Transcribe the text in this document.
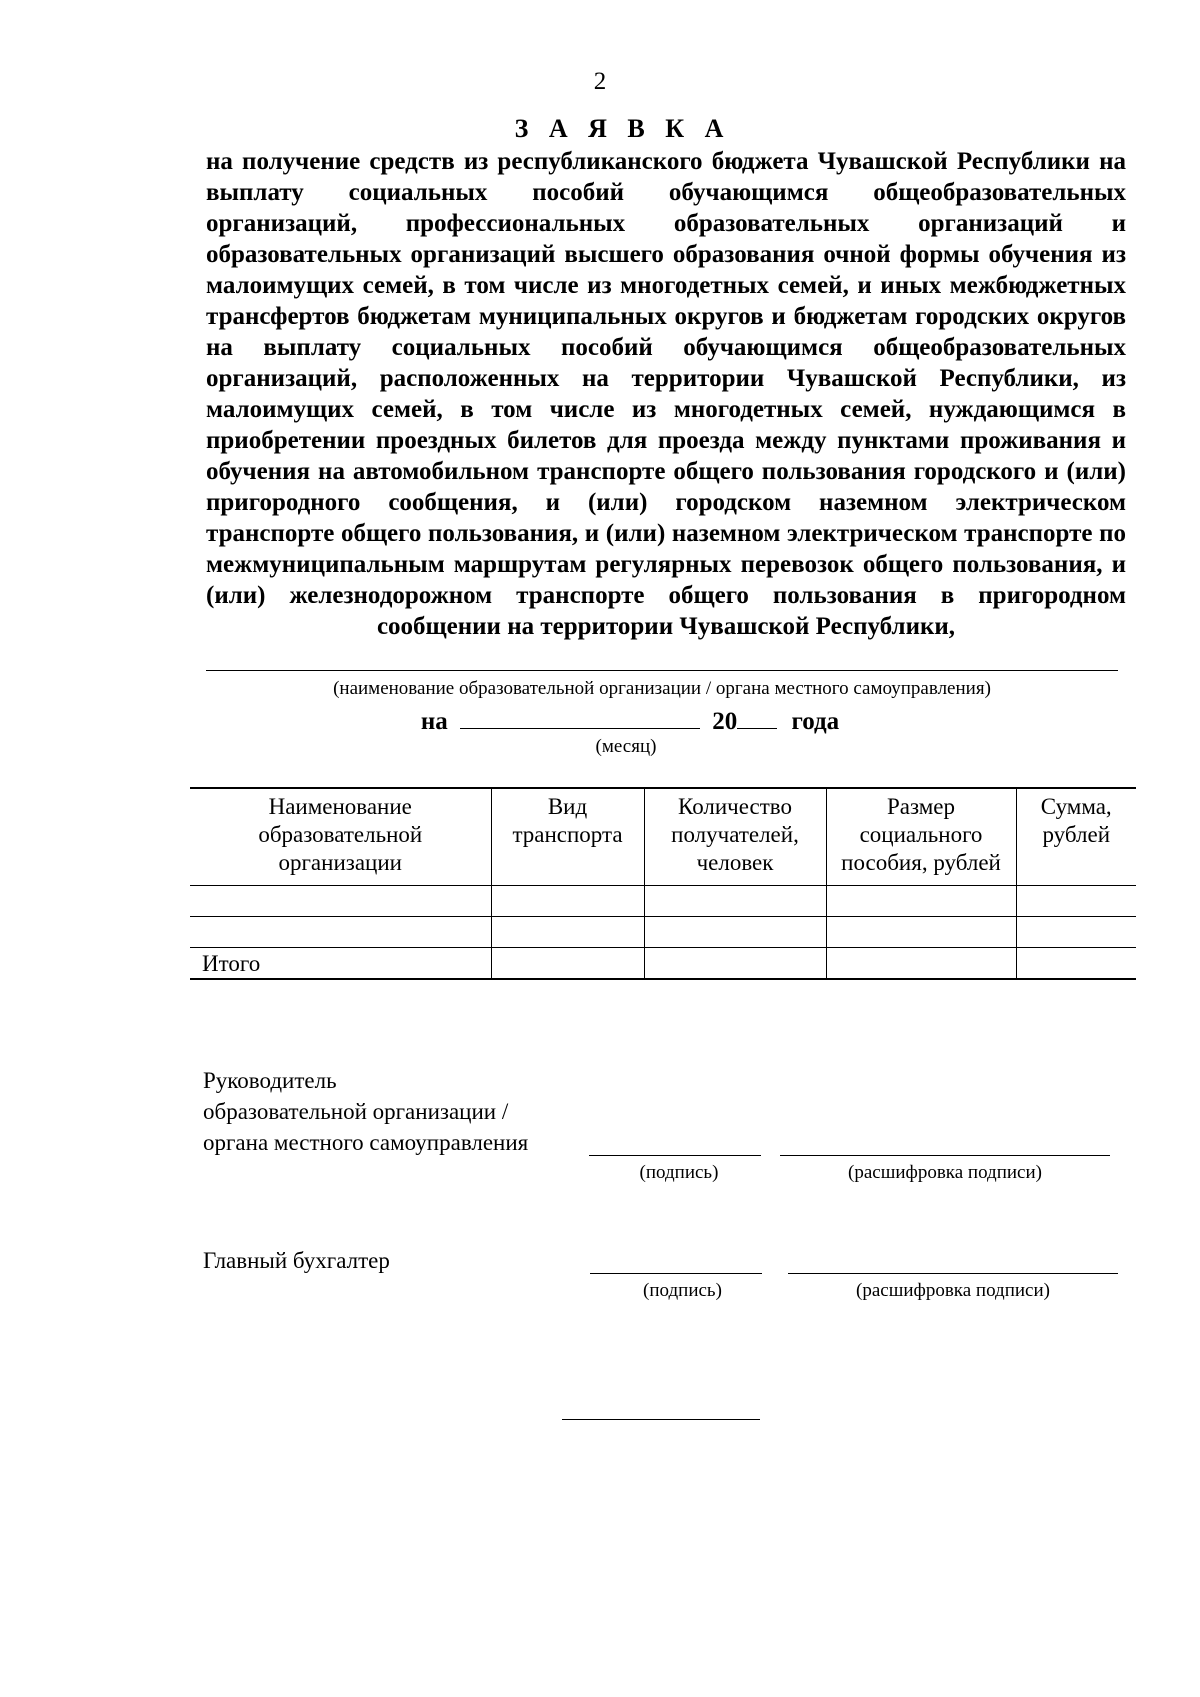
2
З А Я В К А

на получение средств из республиканского бюджета Чувашской Республики на выплату социальных пособий обучающимся общеобразовательных организаций, профессиональных образовательных организаций и образовательных организаций высшего образования очной формы обучения из малоимущих семей, в том числе из многодетных семей, и иных межбюджетных трансфертов бюджетам муниципальных округов и бюджетам городских округов на выплату социальных пособий обучающимся общеобразовательных организаций, расположенных на территории Чувашской Республики, из малоимущих семей, в том числе из многодетных семей, нуждающимся в приобретении проездных билетов для проезда между пунктами проживания и обучения на автомобильном транспорте общего пользования городского и (или) пригородного сообщения, и (или) городском наземном электрическом транспорте общего пользования, и (или) наземном электрическом транспорте по межмуниципальным маршрутам регулярных перевозок общего пользования, и (или) железнодорожном транспорте общего пользования в пригородном сообщении на территории Чувашской Республики,

(наименование образовательной организации / органа местного самоуправления)
на	20 года
(месяц)
Наименование образовательной организации	Вид транспорта	Количество получателей, человек	Размер социального пособия, рублей	Сумма, рублей

Итого				
Руководитель
образовательной организации /
органа местного самоуправления
(подпись)	(расшифровка подписи)
Главный бухгалтер
(подпись)	(расшифровка подписи)
